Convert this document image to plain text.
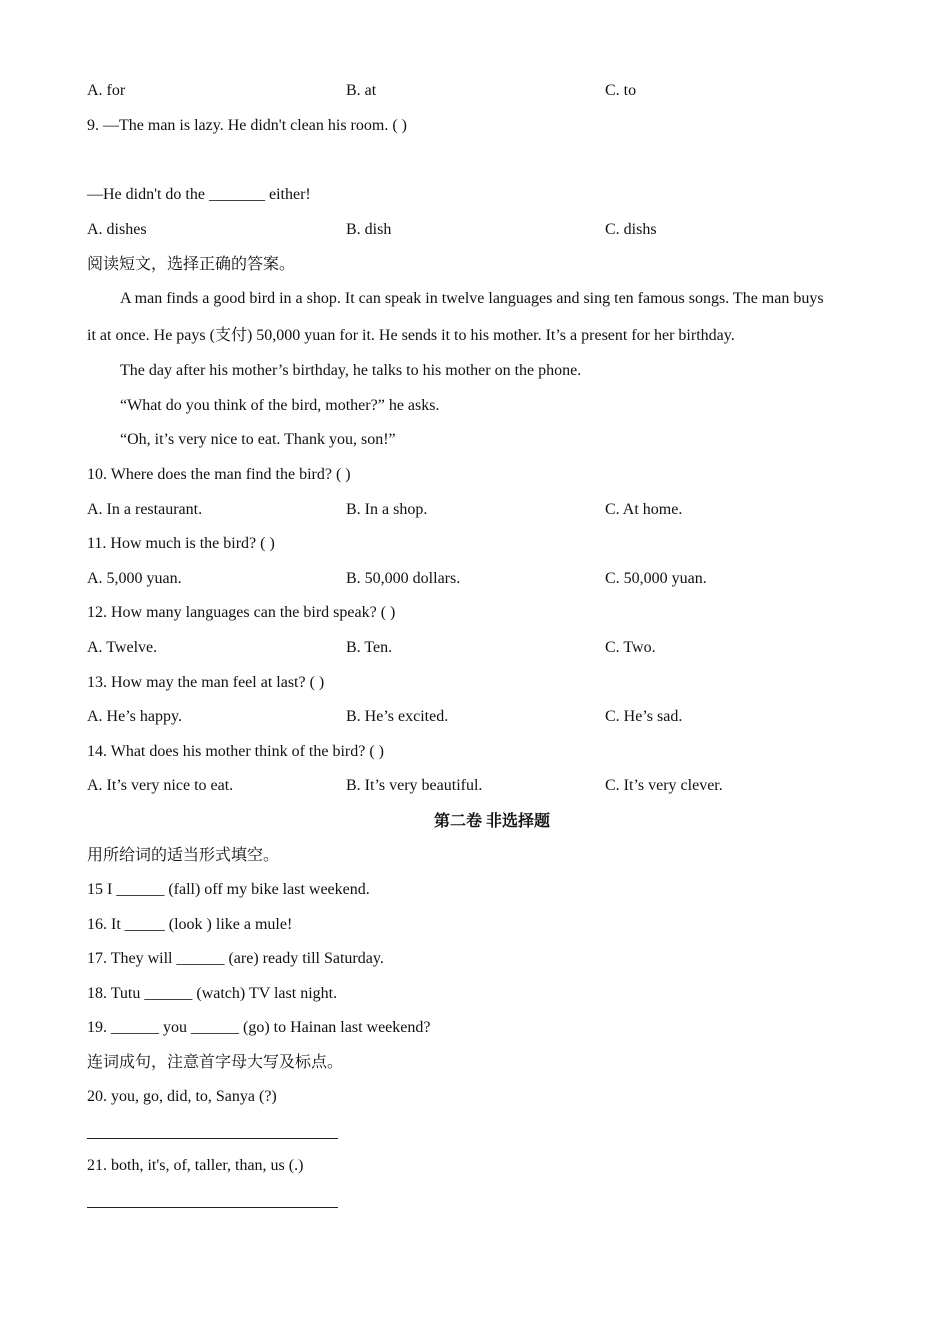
A. for	B. at	C. to
9. —The man is lazy. He didn't clean his room. ( )
—He didn't do the _______ either!
A. dishes	B. dish	C. dishs
阅读短文，选择正确的答案。
A man finds a good bird in a shop. It can speak in twelve languages and sing ten famous songs. The man buys
it at once. He pays (支付) 50,000 yuan for it. He sends it to his mother. It’s a present for her birthday.
The day after his mother’s birthday, he talks to his mother on the phone.
“What do you think of the bird, mother?” he asks.
“Oh, it’s very nice to eat. Thank you, son!”
10. Where does the man find the bird? ( )
A. In a restaurant.	B. In a shop.	C. At home.
11. How much is the bird? ( )
A. 5,000 yuan.	B. 50,000 dollars.	C. 50,000 yuan.
12. How many languages can the bird speak? ( )
A. Twelve.	B. Ten.	C. Two.
13. How may the man feel at last? ( )
A. He’s happy.	B. He’s excited.	C. He’s sad.
14. What does his mother think of the bird? ( )
A. It’s very nice to eat.	B. It’s very beautiful.	C. It’s very clever.
第二卷 非选择题
用所给词的适当形式填空。
15 I ______ (fall) off my bike last weekend.
16. It _____ (look ) like a mule!
17. They will ______ (are) ready till Saturday.
18. Tutu ______ (watch) TV last night.
19. ______ you ______ (go) to Hainan last weekend?
连词成句，注意首字母大写及标点。
20. you, go, did, to, Sanya (?)
21. both, it's, of, taller, than, us (.)
